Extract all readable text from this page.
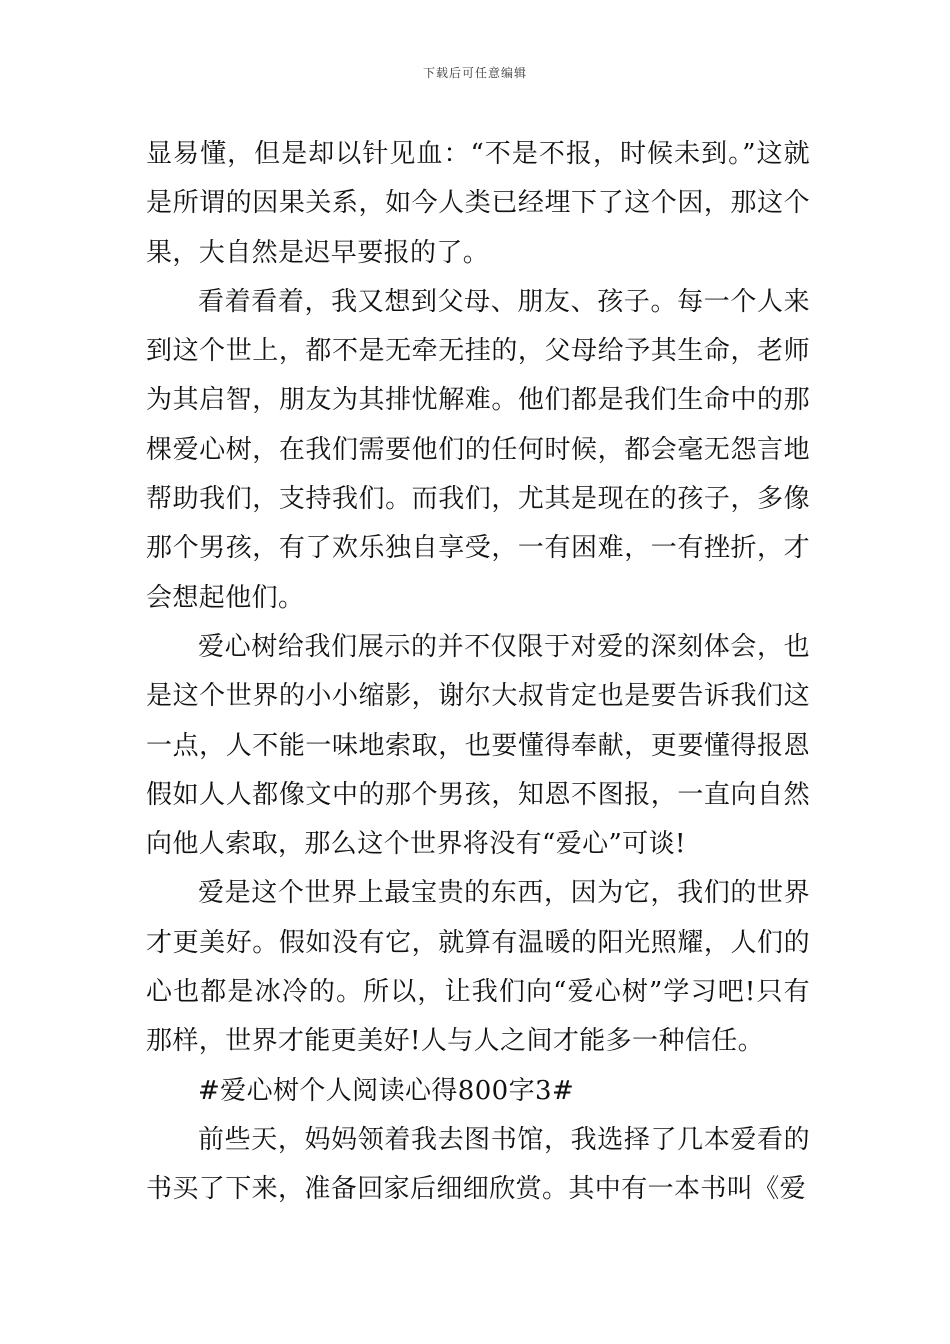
下载后可任意编辑

显易懂，但是却以针见血：“不是不报，时候未到。”这就是所谓的因果关系，如今人类已经埋下了这个因，那这个果，大自然是迟早要报的了。

看着看着，我又想到父母、朋友、孩子。每一个人来到这个世上，都不是无牵无挂的，父母给予其生命，老师为其启智，朋友为其排忧解难。他们都是我们生命中的那棵爱心树，在我们需要他们的任何时候，都会毫无怨言地帮助我们，支持我们。而我们，尤其是现在的孩子，多像那个男孩，有了欢乐独自享受，一有困难，一有挫折，才会想起他们。

爱心树给我们展示的并不仅限于对爱的深刻体会，也是这个世界的小小缩影，谢尔大叔肯定也是要告诉我们这一点，人不能一味地索取，也要懂得奉献，更要懂得报恩假如人人都像文中的那个男孩，知恩不图报，一直向自然向他人索取，那么这个世界将没有“爱心”可谈!

爱是这个世界上最宝贵的东西，因为它，我们的世界才更美好。假如没有它，就算有温暖的阳光照耀，人们的心也都是冰冷的。所以，让我们向“爱心树”学习吧!只有那样，世界才能更美好!人与人之间才能多一种信任。

#爱心树个人阅读心得800字3#

前些天，妈妈领着我去图书馆，我选择了几本爱看的书买了下来，准备回家后细细欣赏。其中有一本书叫《爱
